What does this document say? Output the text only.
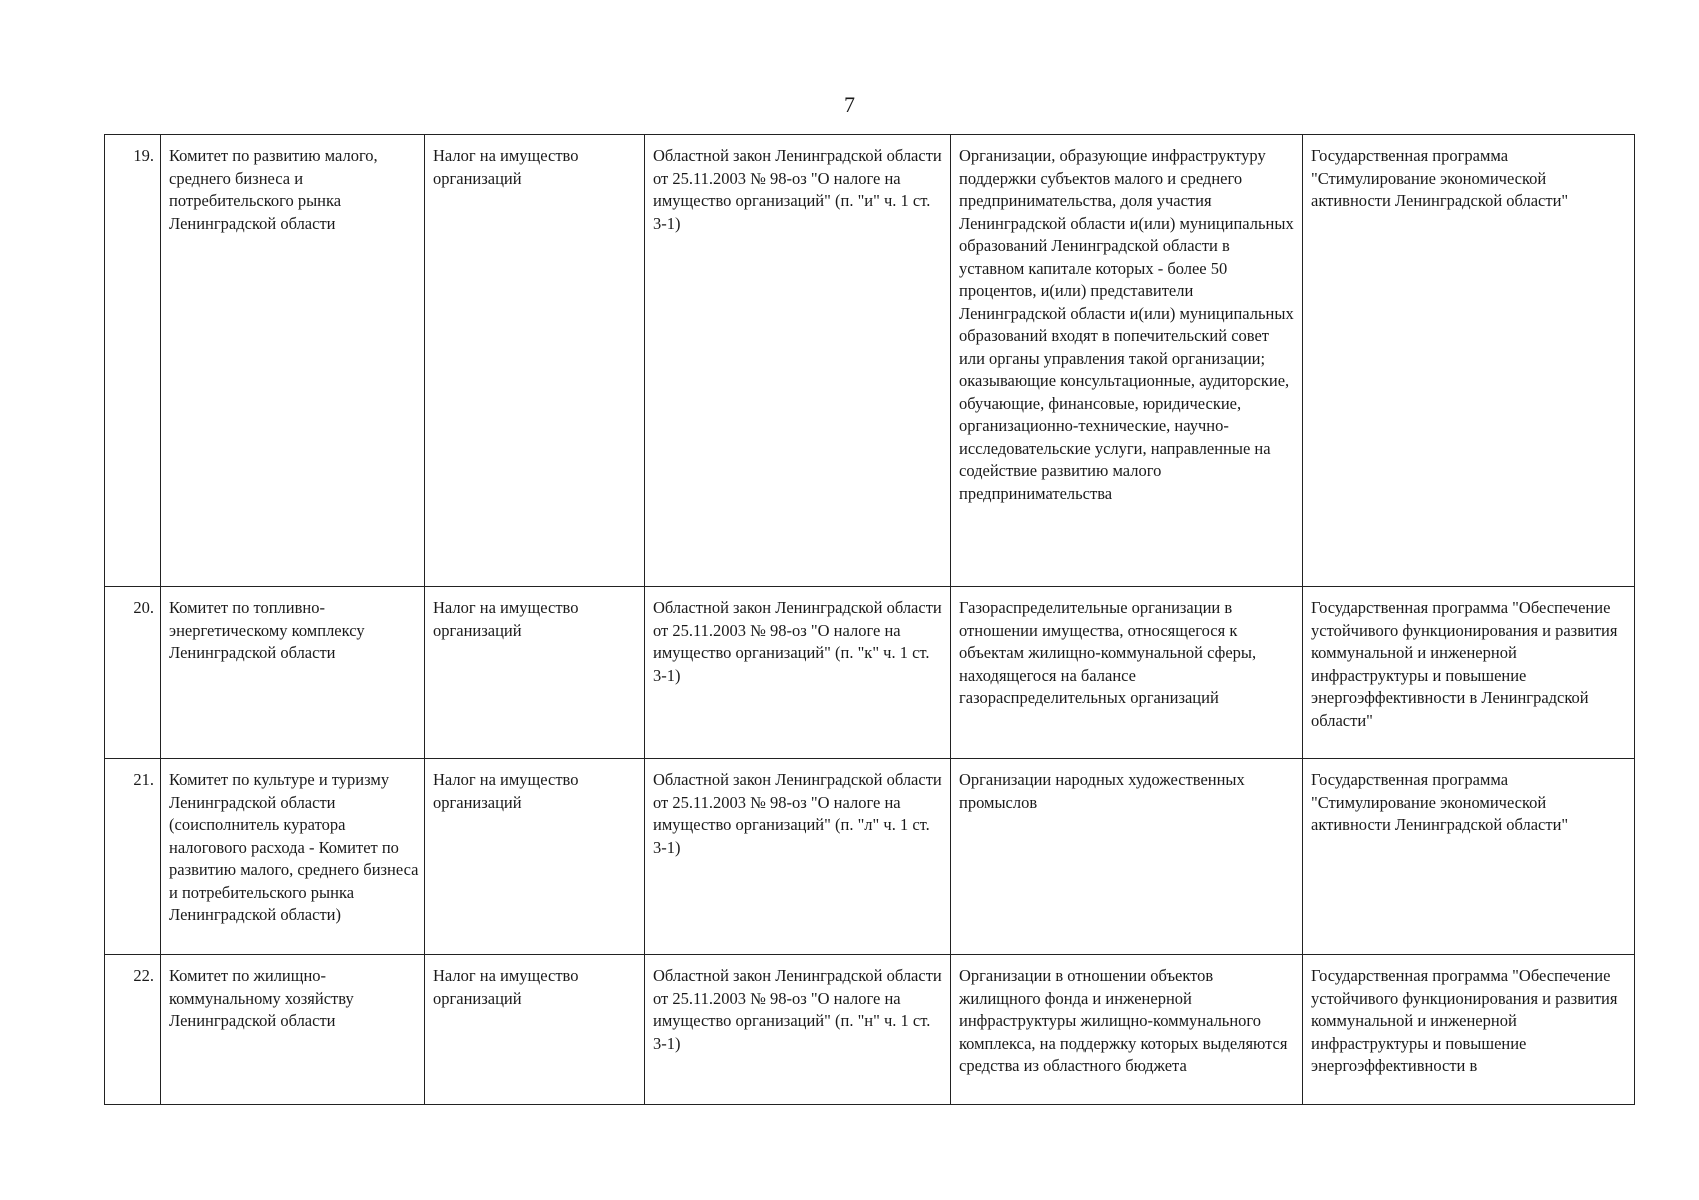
7
19.	Комитет по развитию малого, среднего бизнеса и потребительского рынка Ленинградской области	Налог на имущество организаций	Областной закон Ленинградской области от 25.11.2003 № 98-оз "О налоге на имущество организаций" (п. "и" ч. 1 ст. 3-1)	Организации, образующие инфраструктуру поддержки субъектов малого и среднего предпринимательства, доля участия Ленинградской области и(или) муниципальных образований Ленинградской области в уставном капитале которых - более 50 процентов, и(или) представители Ленинградской области и(или) муниципальных образований входят в попечительский совет или органы управления такой организации; оказывающие консультационные, аудиторские, обучающие, финансовые, юридические, организационно-технические, научно-исследовательские услуги, направленные на содействие развитию малого предпринимательства	Государственная программа "Стимулирование экономической активности Ленинградской области"
20.	Комитет по топливно-энергетическому комплексу Ленинградской области	Налог на имущество организаций	Областной закон Ленинградской области от 25.11.2003 № 98-оз "О налоге на имущество организаций" (п. "к" ч. 1 ст. 3-1)	Газораспределительные организации в отношении имущества, относящегося к объектам жилищно-коммунальной сферы, находящегося на балансе газораспределительных организаций	Государственная программа "Обеспечение устойчивого функционирования и развития коммунальной и инженерной инфраструктуры и повышение энергоэффективности в Ленинградской области"
21.	Комитет по культуре и туризму Ленинградской области (соисполнитель куратора налогового расхода - Комитет по развитию малого, среднего бизнеса и потребительского рынка Ленинградской области)	Налог на имущество организаций	Областной закон Ленинградской области от 25.11.2003 № 98-оз "О налоге на имущество организаций" (п. "л" ч. 1 ст. 3-1)	Организации народных художественных промыслов	Государственная программа "Стимулирование экономической активности Ленинградской области"
22.	Комитет по жилищно-коммунальному хозяйству Ленинградской области	Налог на имущество организаций	Областной закон Ленинградской области от 25.11.2003 № 98-оз "О налоге на имущество организаций" (п. "н" ч. 1 ст. 3-1)	Организации в отношении объектов жилищного фонда и инженерной инфраструктуры жилищно-коммунального комплекса, на поддержку которых выделяются средства из областного бюджета	Государственная программа "Обеспечение устойчивого функционирования и развития коммунальной и инженерной инфраструктуры и повышение энергоэффективности в
